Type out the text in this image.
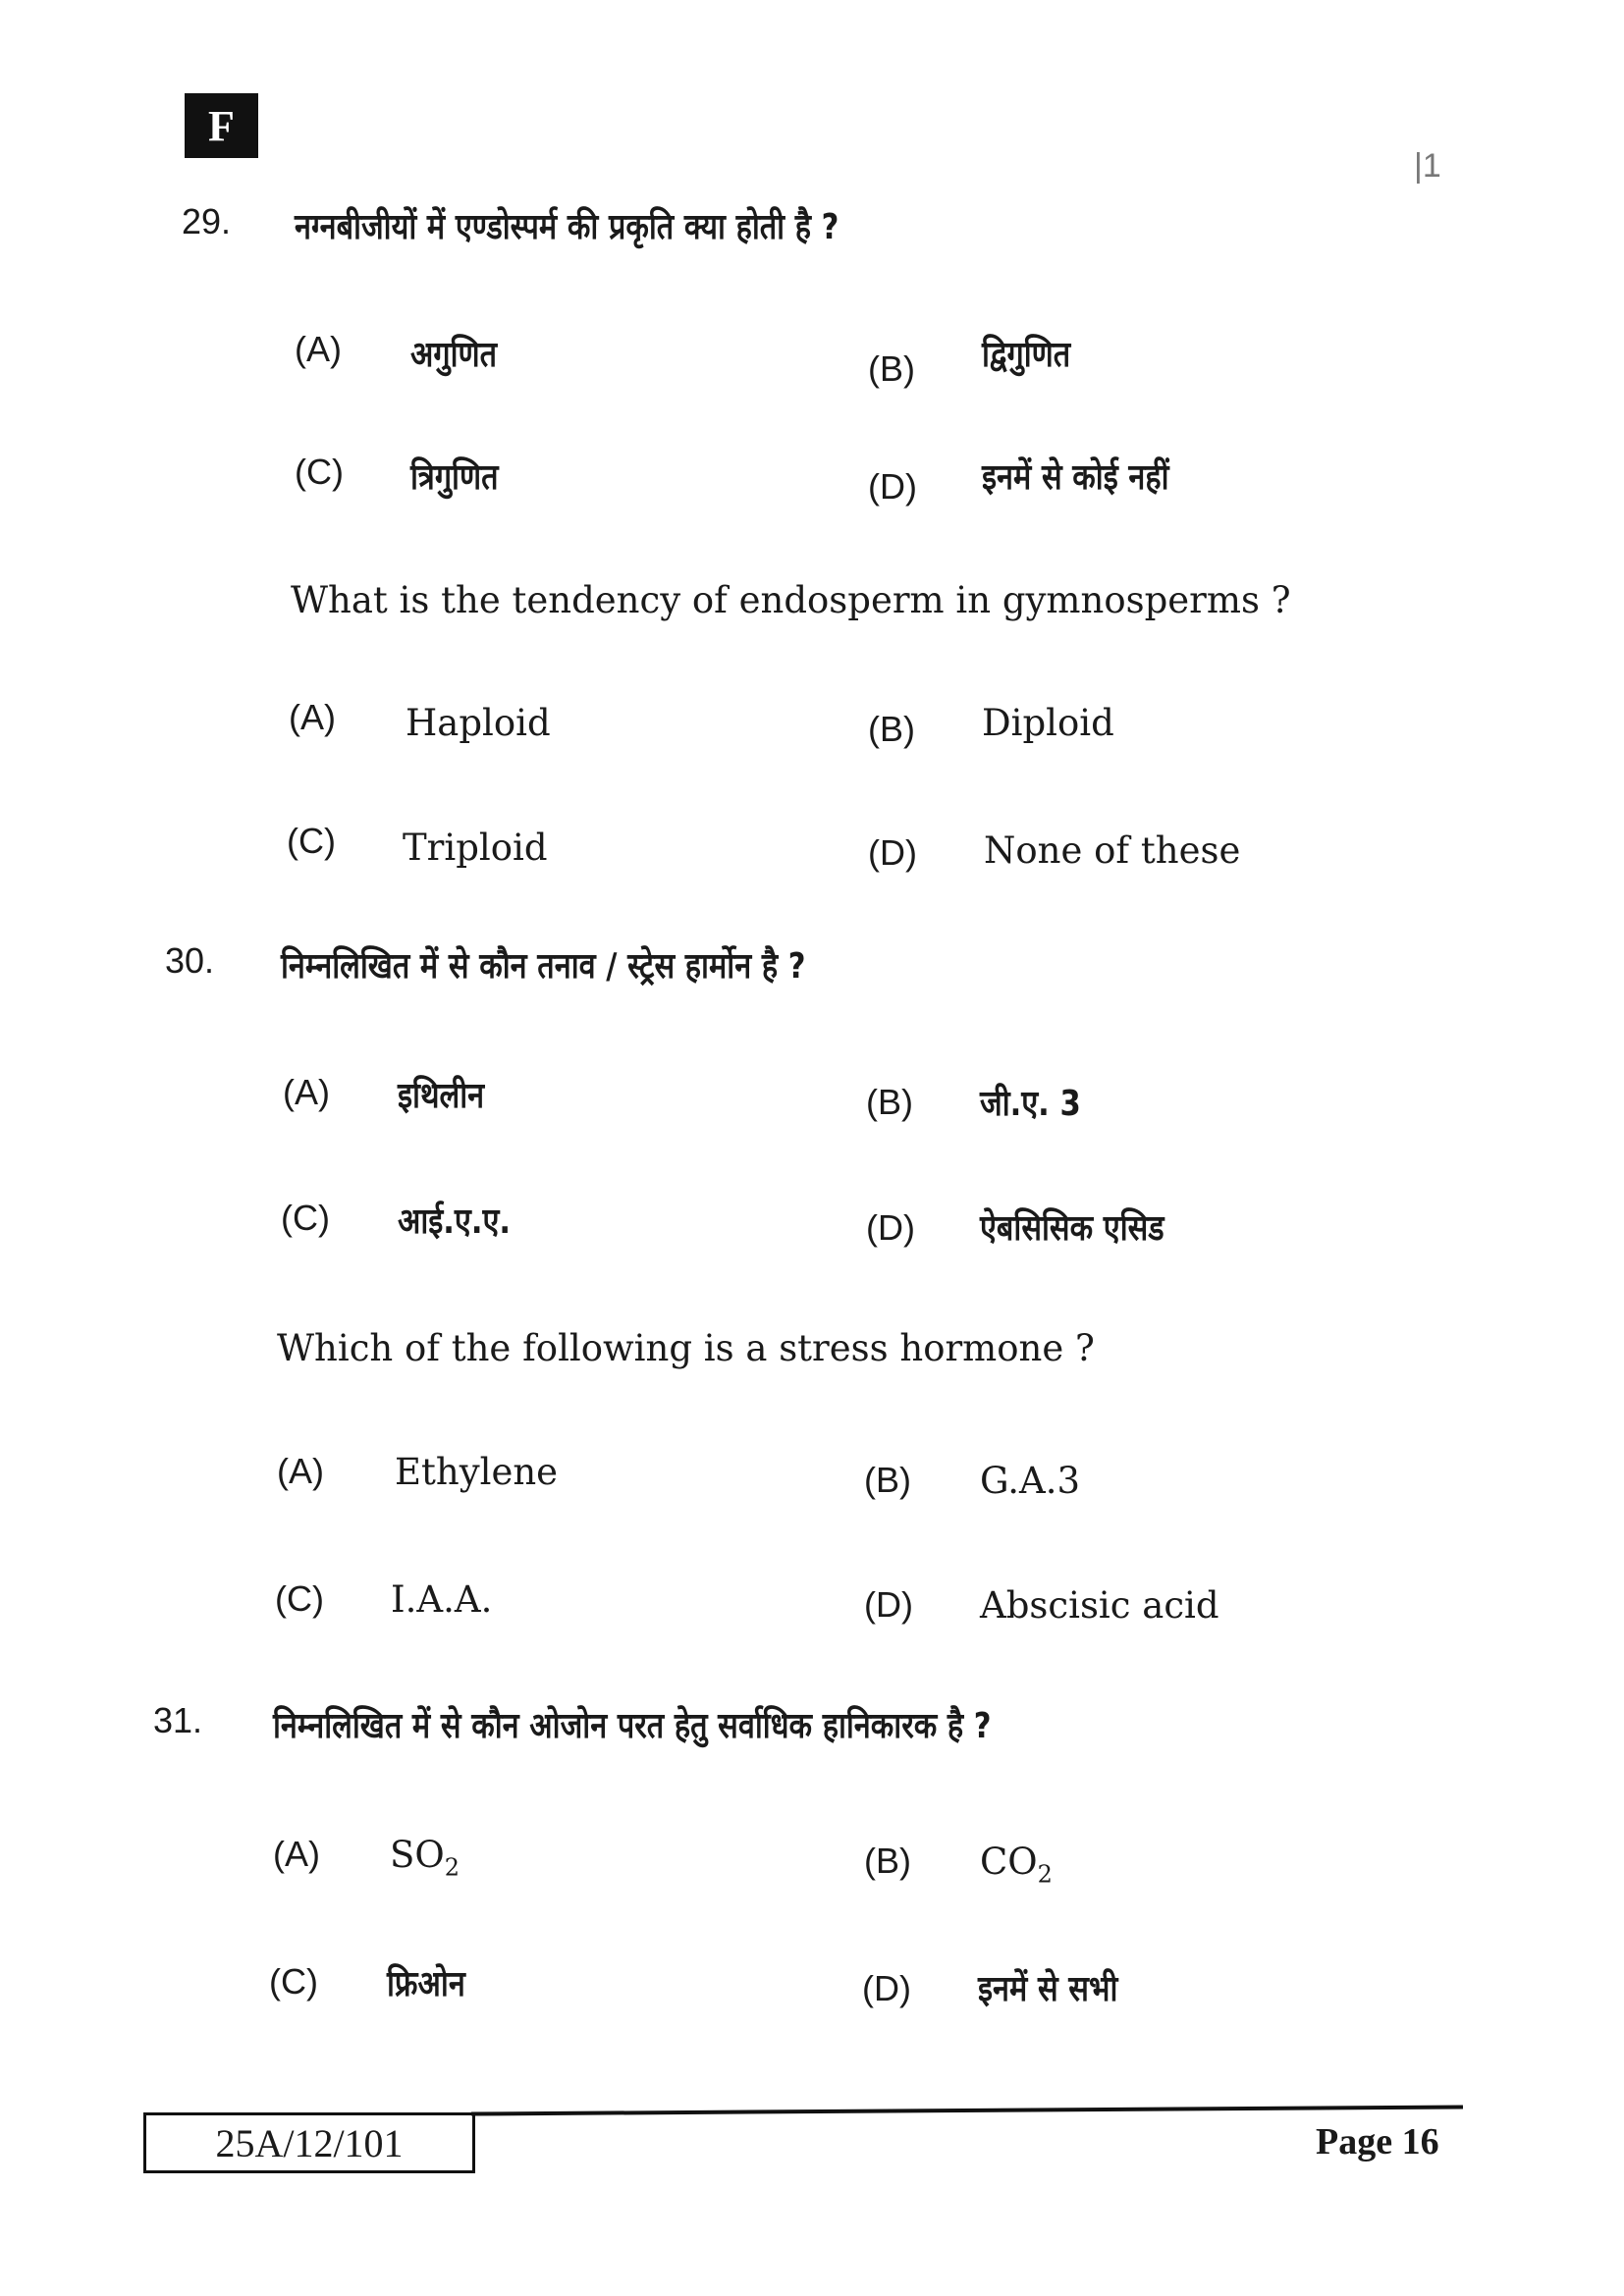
F
|1
29. नग्नबीजीयों में एण्डोस्पर्म की प्रकृति क्या होती है ?
(A) अगुणित	(B) द्विगुणित
(C) त्रिगुणित	(D) इनमें से कोई नहीं
What is the tendency of endosperm in gymnosperms ?
(A) Haploid	(B) Diploid
(C) Triploid	(D) None of these
30. निम्नलिखित में से कौन तनाव / स्ट्रेस हार्मोन है ?
(A) इथिलीन	(B) जी.ए. 3
(C) आई.ए.ए.	(D) ऐबसिसिक एसिड
Which of the following is a stress hormone ?
(A) Ethylene	(B) G.A.3
(C) I.A.A.	(D) Abscisic acid
31. निम्नलिखित में से कौन ओजोन परत हेतु सर्वाधिक हानिकारक है ?
(A) $SO_2$	(B) $CO_2$
(C) फ्रिओन	(D) इनमें से सभी
25A/12/101	Page 16
